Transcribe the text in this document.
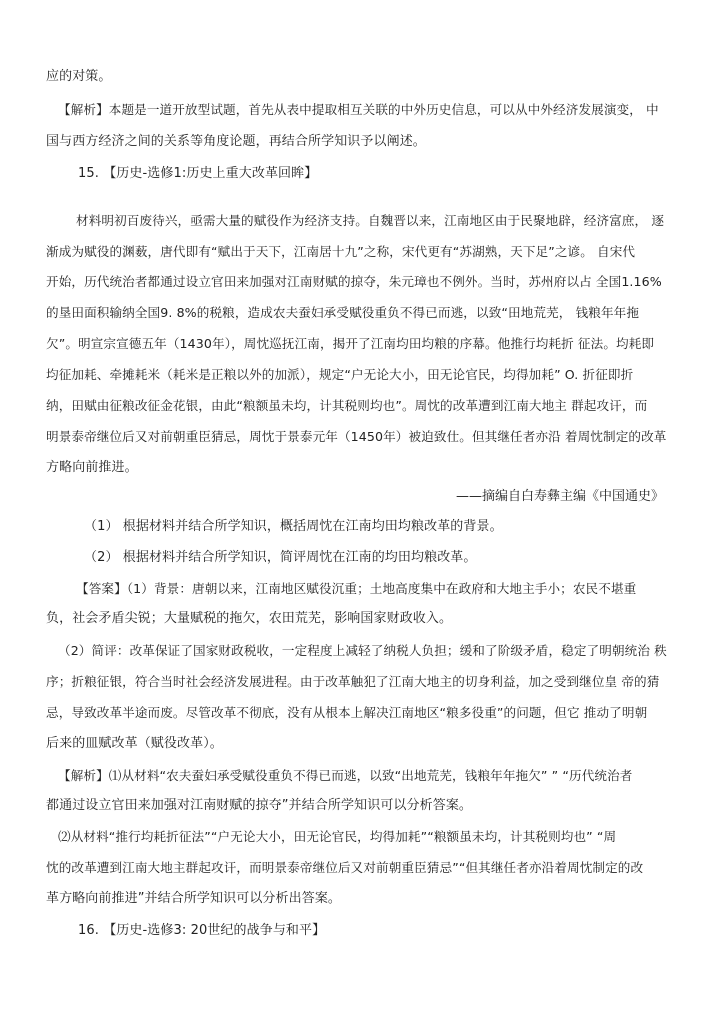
应的对策。
【解析】本题是一道开放型试题，首先从表中提取相互关联的中外历史信息，可以从中外经济发展演变， 中
国与西方经济之间的关系等角度论题，再结合所学知识予以阐述。
15. 【历史-选修1:历史上重大改革回眸】
材料明初百废待兴，亟需大量的赋役作为经济支持。自魏晋以来，江南地区由于民聚地辟，经济富庶， 逐
渐成为赋役的渊薮，唐代即有“赋出于天下，江南居十九”之称，宋代更有“苏湖熟，天下足”之谚。 自宋代
开始，历代统治者都通过设立官田来加强对江南财赋的掠夺，朱元璋也不例外。当时，苏州府以占 全国1.16%
的垦田面积输纳全国9. 8%的税粮，造成农夫蚕妇承受赋役重负不得已而逃，以致“田地荒芜， 钱粮年年拖
欠”。明宣宗宣德五年（1430年），周忱巡抚江南，揭开了江南均田均粮的序幕。他推行均耗折 征法。均耗即
均征加耗、牵摊耗米（耗米是正粮以外的加派），规定“户无论大小，田无论官民，均得加耗” O. 折征即折
纳，田赋由征粮改征金花银，由此“粮额虽未均，计其税则均也”。周忱的改革遭到江南大地主 群起攻讦，而
明景泰帝继位后又对前朝重臣猜忌，周忱于景泰元年（1450年）被迫致仕。但其继任者亦沿 着周忱制定的改革
方略向前推进。
——摘编自白寿彝主编《中国通史》
（1） 根据材料并结合所学知识，概括周忱在江南均田均粮改革的背景。
（2） 根据材料并结合所学知识，简评周忱在江南的均田均粮改革。
【答案】（1）背景：唐朝以来，江南地区赋役沉重；土地高度集中在政府和大地主手小；农民不堪重
负，社会矛盾尖锐；大量赋税的拖欠，农田荒芜，影响国家财政收入。
（2）简评：改革保证了国家财政税收，一定程度上减轻了纳税人负担；缓和了阶级矛盾，稳定了明朝统治 秩
序；折粮征银，符合当时社会经济发展进程。由于改革触犯了江南大地主的切身利益，加之受到继位皇 帝的猜
忌，导致改革半途而废。尽管改革不彻底，没有从根本上解决江南地区“粮多役重”的问题，但它 推动了明朝
后来的皿赋改革（赋役改革）。
【解析】⑴从材料“农夫蚕妇承受赋役重负不得已而逃，以致“出地荒芜，钱粮年年拖欠” ” “历代统治者
都通过设立官田来加强对江南财赋的掠夺”并结合所学知识可以分析答案。
⑵从材料“推行均耗折征法”“户无论大小，田无论官民，均得加耗”“粮额虽未均，计其税则均也” “周
忱的改革遭到江南大地主群起攻讦，而明景泰帝继位后又对前朝重臣猜忌”“但其继任者亦沿着周忱制定的改
革方略向前推进”并结合所学知识可以分析出答案。
16. 【历史-选修3: 20世纪的战争与和平】
